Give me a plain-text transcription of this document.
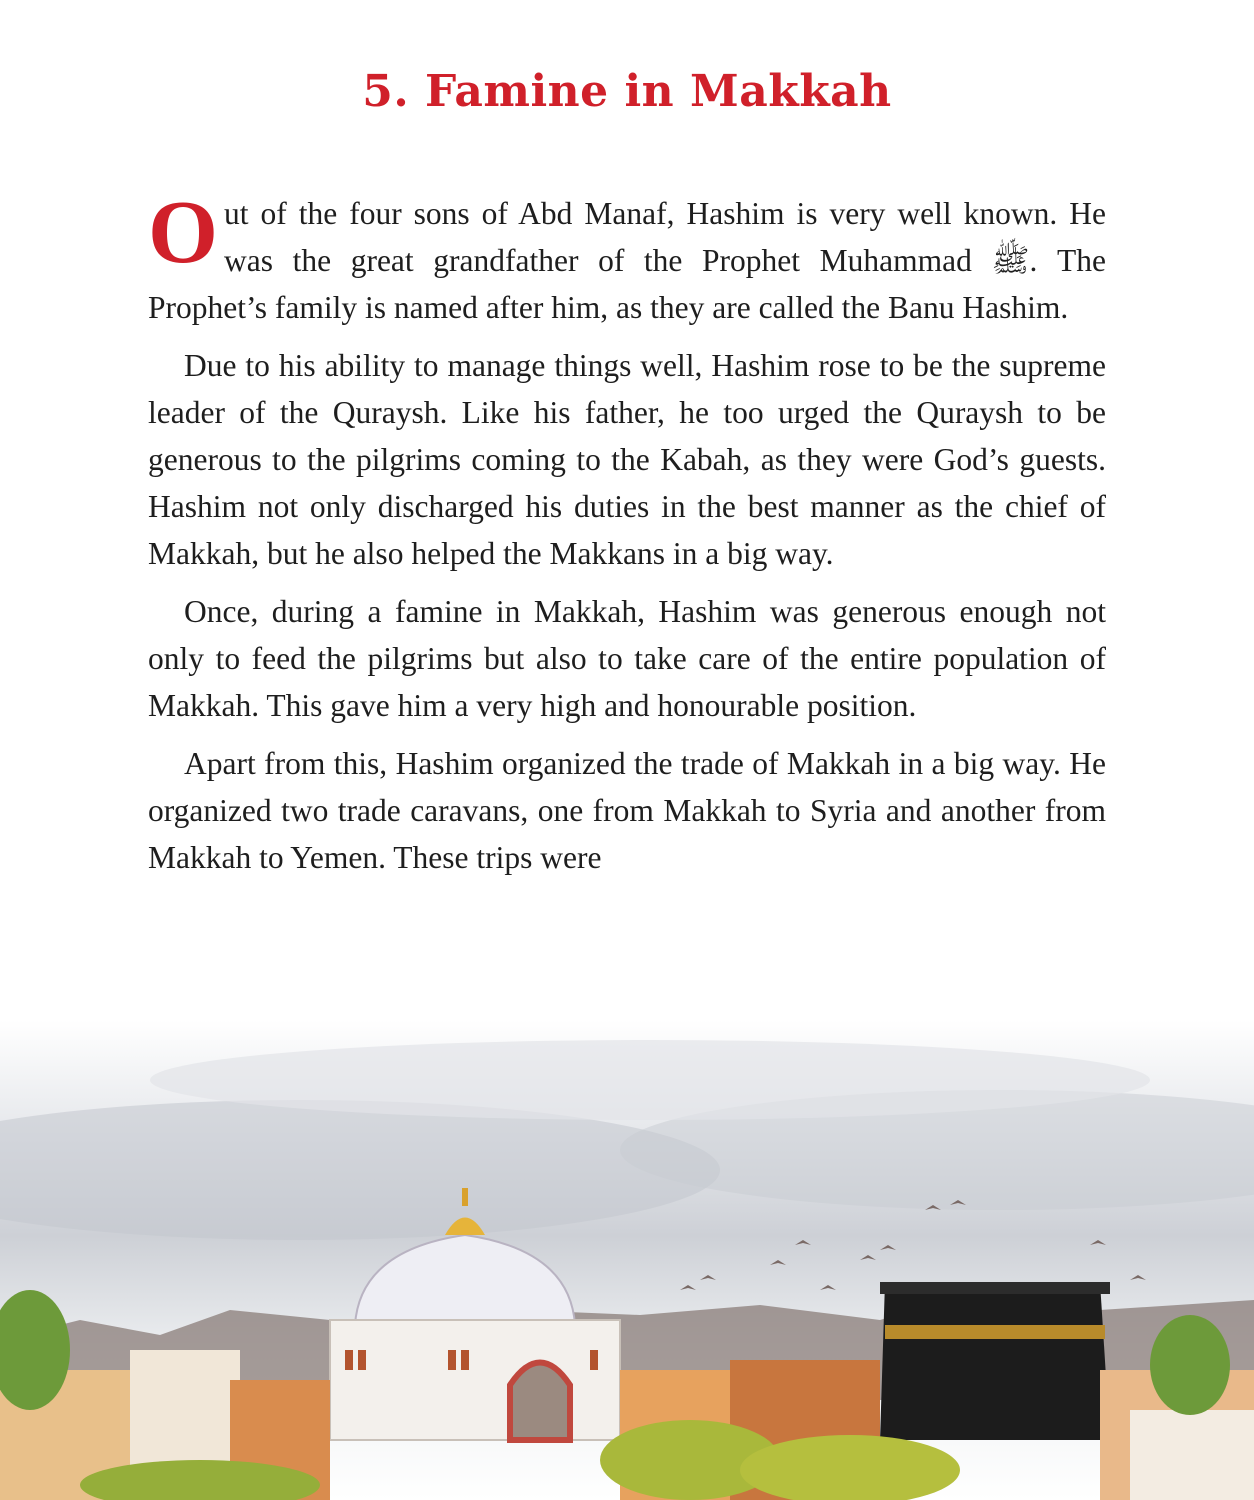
5. Famine in Makkah

Out of the four sons of Abd Manaf, Hashim is very well known. He was the great grandfather of the Prophet Muhammad ﷺ. The Prophet’s family is named after him, as they are called the Banu Hashim.

Due to his ability to manage things well, Hashim rose to be the supreme leader of the Quraysh. Like his father, he too urged the Quraysh to be generous to the pilgrims coming to the Kabah, as they were God’s guests. Hashim not only discharged his duties in the best manner as the chief of Makkah, but he also helped the Makkans in a big way.

Once, during a famine in Makkah, Hashim was generous enough not only to feed the pilgrims but also to take care of the entire population of Makkah. This gave him a very high and honourable position.

Apart from this, Hashim organized the trade of Makkah in a big way. He organized two trade caravans, one from Makkah to Syria and another from Makkah to Yemen. These trips were
